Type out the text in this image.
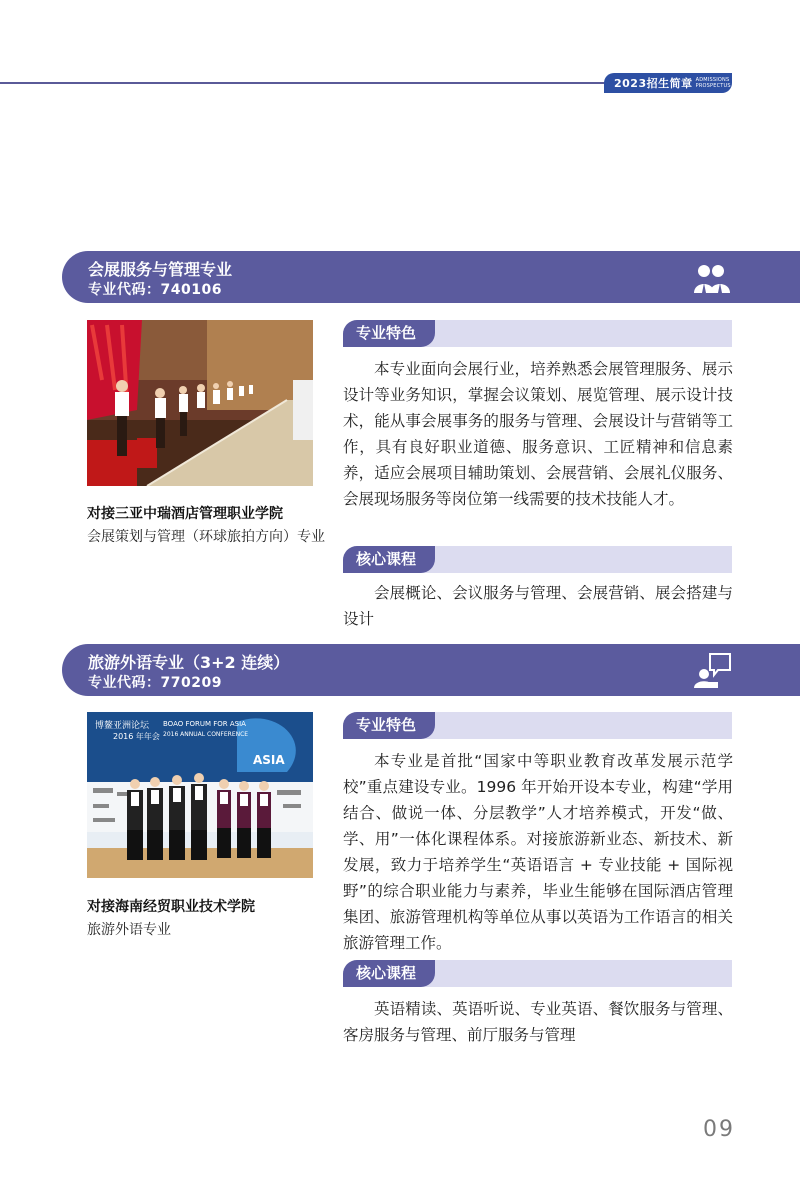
2023招生简章 ADMISSIONS
PROSPECTUS
会展服务与管理专业
专业代码：740106
对接三亚中瑞酒店管理职业学院
会展策划与管理（环球旅拍方向）专业
专业特色
本专业面向会展行业，培养熟悉会展管理服务、展示设计等业务知识，掌握会议策划、展览管理、展示设计技术，能从事会展事务的服务与管理、会展设计与营销等工作，具有良好职业道德、服务意识、工匠精神和信息素养，适应会展项目辅助策划、会展营销、会展礼仪服务、会展现场服务等岗位第一线需要的技术技能人才。
核心课程
会展概论、会议服务与管理、会展营销、展会搭建与设计
旅游外语专业（3+2 连续）
专业代码：770209
博鳌亚洲论坛
2016 年年会
BOAO FORUM FOR ASIA
2016 ANNUAL CONFERENCE
ASIA
对接海南经贸职业技术学院
旅游外语专业
专业特色
本专业是首批“国家中等职业教育改革发展示范学校”重点建设专业。1996 年开始开设本专业，构建“学用结合、做说一体、分层教学”人才培养模式，开发“做、学、用”一体化课程体系。对接旅游新业态、新技术、新发展，致力于培养学生“英语语言 + 专业技能 + 国际视野”的综合职业能力与素养，毕业生能够在国际酒店管理集团、旅游管理机构等单位从事以英语为工作语言的相关旅游管理工作。
核心课程
英语精读、英语听说、专业英语、餐饮服务与管理、客房服务与管理、前厅服务与管理
09
